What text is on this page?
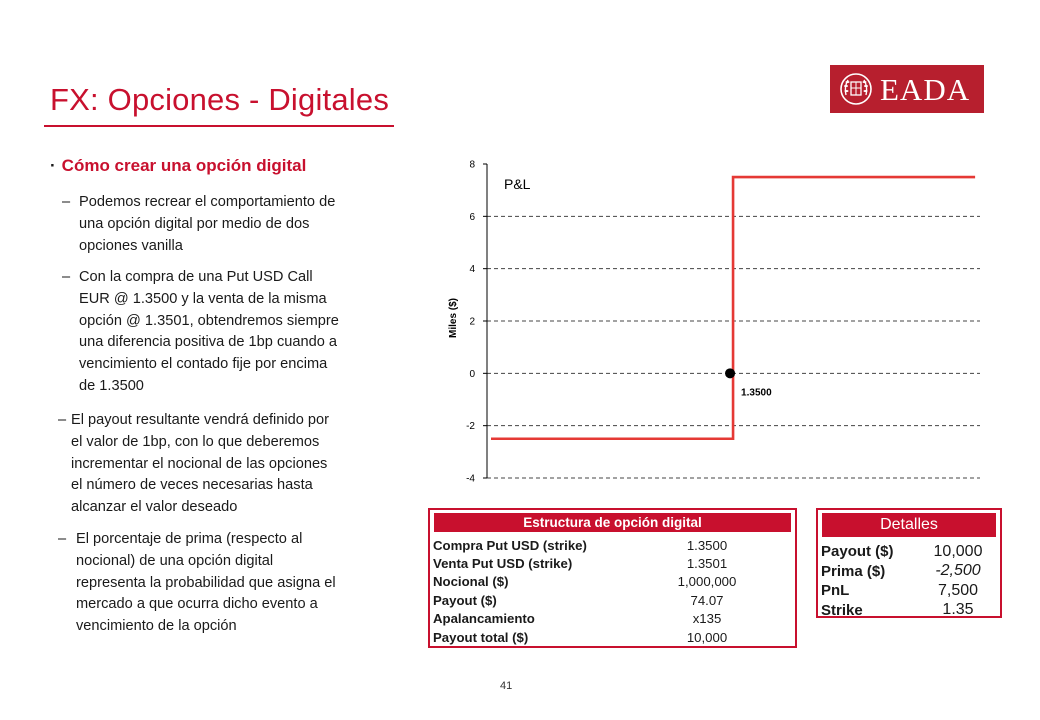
FX: Opciones - Digitales	EADA
· Cómo crear una opción digital
– Podemos recrear el comportamiento de
una opción digital por medio de dos
opciones vanilla
– Con la compra de una Put USD Call
EUR @ 1.3500 y la venta de la misma
opción @ 1.3501, obtendremos siempre
una diferencia positiva de 1bp cuando a
vencimiento el contado fije por encima
de 1.3500
– El payout resultante vendrá definido por
el valor de 1bp, con lo que deberemos
incrementar el nocional de las opciones
el número de veces necesarias hasta
alcanzar el valor deseado
– El porcentaje de prima (respecto al
nocional) de una opción digital
representa la probabilidad que asigna el
mercado a que ocurra dicho evento a
vencimiento de la opción
-4
-2
0
2
4
6
8
P&L
Miles ($)
1.3500
Estructura de opción digital
Compra Put USD (strike)	1.3500
Venta Put USD (strike)	1.3501
Nocional ($)	1,000,000
Payout ($)	74.07
Apalancamiento	x135
Payout total ($)	10,000
Detalles
Payout ($)	10,000
Prima ($)	-2,500
PnL	7,500
Strike	1.35
41
